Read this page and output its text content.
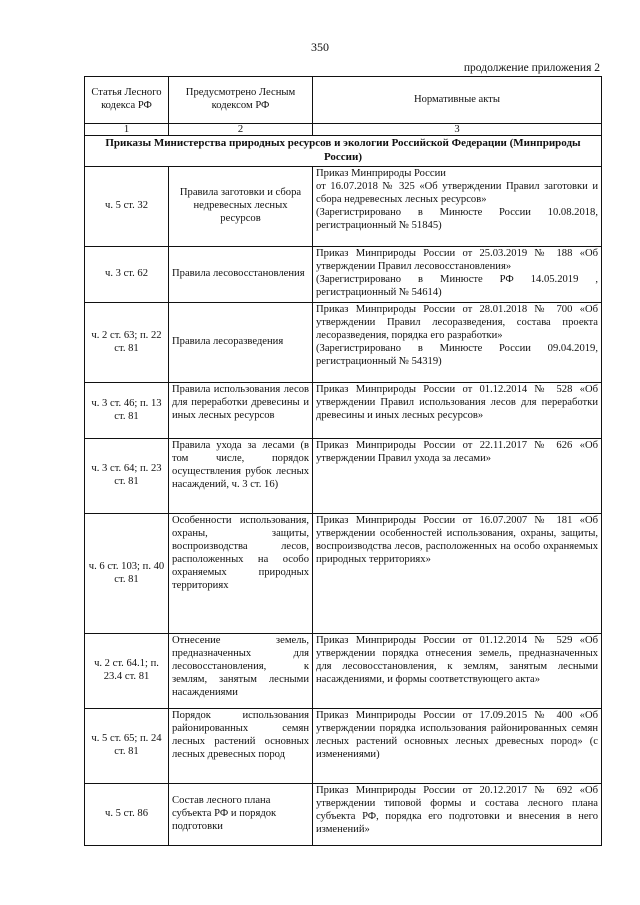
350
продолжение приложения 2
Статья Лесного кодекса РФ	Предусмотрено Лесным кодексом РФ	Нормативные акты
1	2	3
Приказы Министерства природных ресурсов и экологии Российской Федерации (Минприроды России)		
ч. 5 ст. 32	Правила заготовки и сбора недревесных лесных ресурсов	Приказ Минприроды России
от 16.07.2018 № 325 «Об утверждении Правил заготовки и сбора недревесных лесных ресурсов»
(Зарегистрировано в Минюсте России 10.08.2018, регистрационный № 51845)

ч. 3 ст. 62	Правила лесовосстановления	Приказ Минприроды России от 25.03.2019 № 188 «Об утверждении Правил лесовосстановления»
(Зарегистрировано в Минюсте РФ 14.05.2019 , регистрационный № 54614)

ч. 2 ст. 63; п. 22 ст. 81	Правила лесоразведения	Приказ Минприроды России от 28.01.2018 № 700 «Об утверждении Правил лесоразведения, состава проекта лесоразведения, порядка его разработки»
(Зарегистрировано в Минюсте России 09.04.2019, регистрационный № 54319)

ч. 3 ст. 46; п. 13 ст. 81	Правила использования лесов для переработки древесины и иных лесных ресурсов	Приказ Минприроды России от 01.12.2014 № 528 «Об утверждении Правил использования лесов для переработки древесины и иных лесных ресурсов»

ч. 3 ст. 64; п. 23 ст. 81	Правила ухода за лесами (в том числе, порядок осуществления рубок лесных насаждений, ч. 3 ст. 16)	Приказ Минприроды России от 22.11.2017 № 626 «Об утверждении Правил ухода за лесами»

ч. 6 ст. 103; п. 40 ст. 81	Особенности использования, охраны, защиты, воспроизводства лесов, расположенных на особо охраняемых природных территориях	Приказ Минприроды России от 16.07.2007 № 181 «Об утверждении особенностей использования, охраны, защиты, воспроизводства лесов, расположенных на особо охраняемых природных территориях»

ч. 2 ст. 64.1; п. 23.4 ст. 81	Отнесение земель, предназначенных для лесовосстановления, к землям, занятым лесными насаждениями	Приказ Минприроды России от 01.12.2014 № 529 «Об утверждении порядка отнесения земель, предназначенных для лесовосстановления, к землям, занятым лесными насаждениями, и формы соответствующего акта»

ч. 5 ст. 65; п. 24 ст. 81	Порядок использования районированных семян лесных растений основных лесных древесных пород	Приказ Минприроды России от 17.09.2015 № 400 «Об утверждении порядка использования районированных семян лесных растений основных лесных древесных пород» (с изменениями)

ч. 5 ст. 86	Состав лесного плана субъекта РФ и порядок подготовки	Приказ Минприроды России от 20.12.2017 № 692 «Об утверждении типовой формы и состава лесного плана субъекта РФ, порядка его подготовки и внесения в него изменений»
